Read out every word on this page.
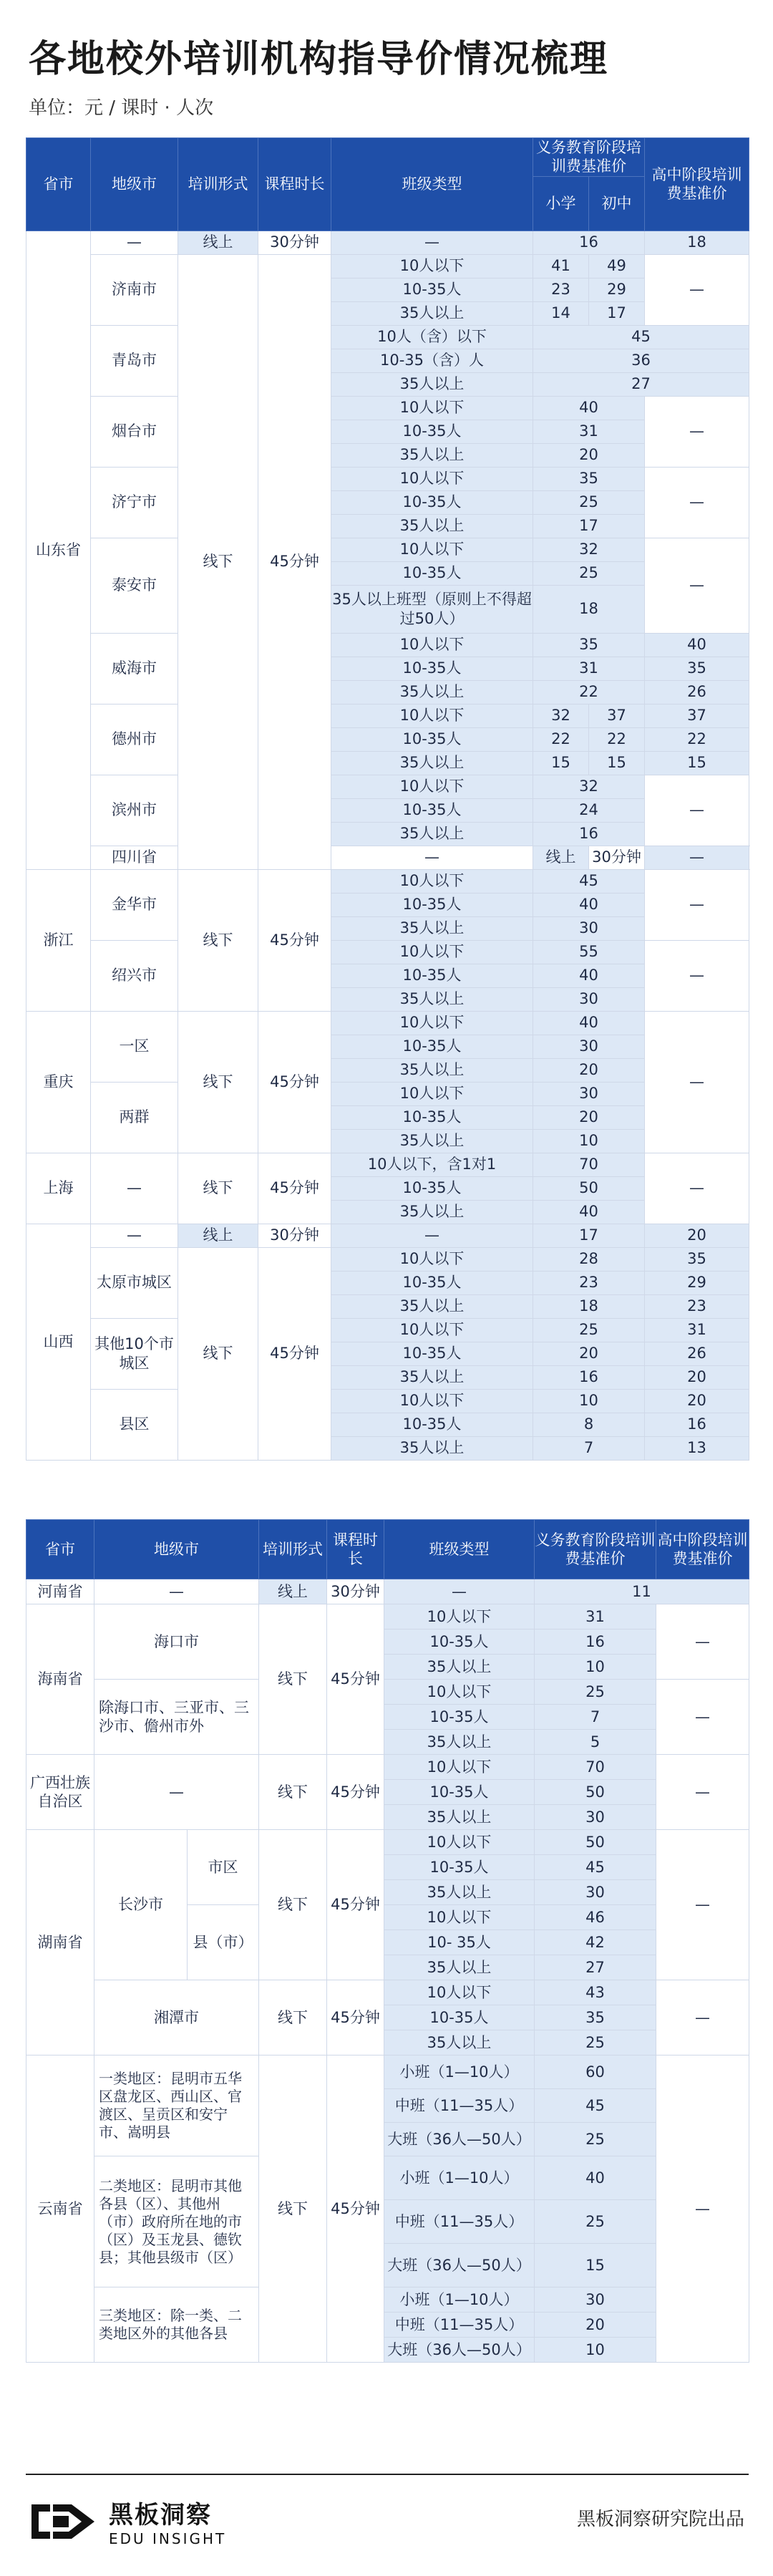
各地校外培训机构指导价情况梳理
单位：元 / 课时 · 人次
省市	地级市	培训形式	课程时长	班级类型	义务教育阶段培训费基准价		高中阶段培训费基准价	
					小学	初中		
山东省	—	线上	30分钟	—	16		18	
	济南市	线下	45分钟	10人以下	41	49	—	
				10-35人	23	29		
				35人以上	14	17		
	青岛市			10人（含）以下	45			
				10-35（含）人	36			
				35人以上	27			
	烟台市			10人以下	40		—	
				10-35人	31			
				35人以上	20			
	济宁市			10人以下	35		—	
				10-35人	25			
				35人以上	17			
	泰安市			10人以下	32		—	
				10-35人	25			
				35人以上班型（原则上不得超过50人）	18			
	威海市			10人以下	35		40	
				10-35人	31		35	
				35人以上	22		26	
	德州市			10人以下	32	37	37	
				10-35人	22	22	22	
				35人以上	15	15	15	
	滨州市			10人以下	32		—	
				10-35人	24			
				35人以上	16			
	四川省			—	线上	30分钟	—		
浙江	金华市	线下	45分钟	10人以下	45		—	
				10-35人	40			
				35人以上	30			
	绍兴市			10人以下	55		—	
				10-35人	40			
				35人以上	30			
重庆	一区	线下	45分钟	10人以下	40		—	
				10-35人	30			
				35人以上	20			
	两群			10人以下	30			
				10-35人	20			
				35人以上	10			
上海	—	线下	45分钟	10人以下，含1对1	70		—	
				10-35人	50			
				35人以上	40			
山西	—	线上	30分钟	—	17		20	
	太原市城区	线下	45分钟	10人以下	28		35	
				10-35人	23		29	
				35人以上	18		23	
	其他10个市城区			10人以下	25		31	
				10-35人	20		26	
				35人以上	16		20	
	县区			10人以下	10		20	
				10-35人	8		16	
				35人以上	7		13	
省市	地级市		培训形式	课程时长	班级类型	义务教育阶段培训费基准价	高中阶段培训费基准价
河南省	—		线上	30分钟	—	11	
海南省	海口市		线下	45分钟	10人以下	31	—
					10-35人	16	
					35人以上	10	
	除海口市、三亚市、三沙市、儋州市外				10人以下	25	—
					10-35人	7	
					35人以上	5	
广西壮族自治区	—		线下	45分钟	10人以下	70	—
					10-35人	50	
					35人以上	30	
湖南省	长沙市	市区	线下	45分钟	10人以下	50	—
					10-35人	45	
					35人以上	30	
		县（市）			10人以下	46	
					10- 35人	42	
					35人以上	27	
	湘潭市		线下	45分钟	10人以下	43	—
					10-35人	35	
					35人以上	25	
云南省	一类地区：昆明市五华区盘龙区、西山区、官渡区、呈贡区和安宁市、嵩明县		线下	45分钟	小班（1—10人）	60	—
					中班（11—35人）	45	
					大班（36人—50人）	25	
	二类地区：昆明市其他各县（区）、其他州（市）政府所在地的市（区）及玉龙县、德钦县；其他县级市（区）				小班（1—10人）	40	
					中班（11—35人）	25	
					大班（36人—50人）	15	
	三类地区：除一类、二类地区外的其他各县				小班（1—10人）	30	
					中班（11—35人）	20	
					大班（36人—50人）	10	
黑板洞察
EDU INSIGHT
黑板洞察研究院出品
